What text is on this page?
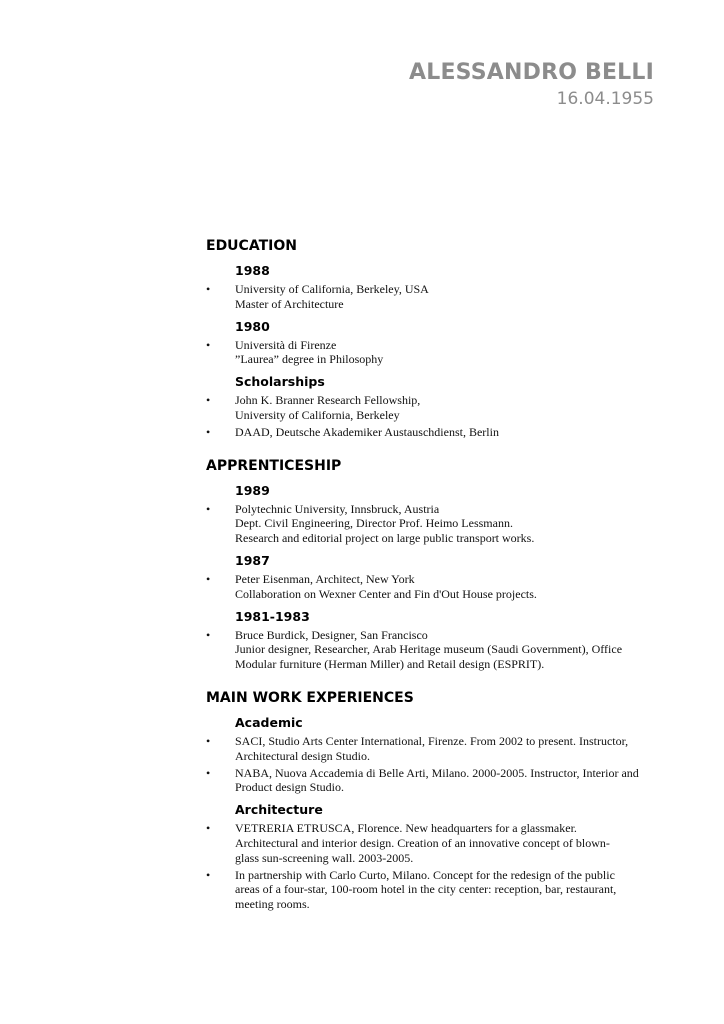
ALESSANDRO BELLI
16.04.1955
EDUCATION
1988
• University of California, Berkeley, USA
Master of Architecture
1980
• Università di Firenze
”Laurea” degree in Philosophy
Scholarships
• John K. Branner Research Fellowship,
University of California, Berkeley
• DAAD, Deutsche Akademiker Austauschdienst, Berlin
APPRENTICESHIP
1989
• Polytechnic University, Innsbruck, Austria
Dept. Civil Engineering, Director Prof. Heimo Lessmann.
Research and editorial project on large public transport works.
1987
• Peter Eisenman, Architect, New York
Collaboration on Wexner Center and Fin d'Out House projects.
1981-1983
• Bruce Burdick, Designer, San Francisco
Junior designer, Researcher, Arab Heritage museum (Saudi Government), Office
Modular furniture (Herman Miller) and Retail design (ESPRIT).
MAIN WORK EXPERIENCES
Academic
• SACI, Studio Arts Center International, Firenze. From 2002 to present. Instructor,
Architectural design Studio.
• NABA, Nuova Accademia di Belle Arti, Milano. 2000-2005. Instructor, Interior and
Product design Studio.
Architecture
• VETRERIA ETRUSCA, Florence. New headquarters for a glassmaker.
Architectural and interior design. Creation of an innovative concept of blown-
glass sun-screening wall. 2003-2005.
• In partnership with Carlo Curto, Milano. Concept for the redesign of the public
areas of a four-star, 100-room hotel in the city center: reception, bar, restaurant,
meeting rooms.
